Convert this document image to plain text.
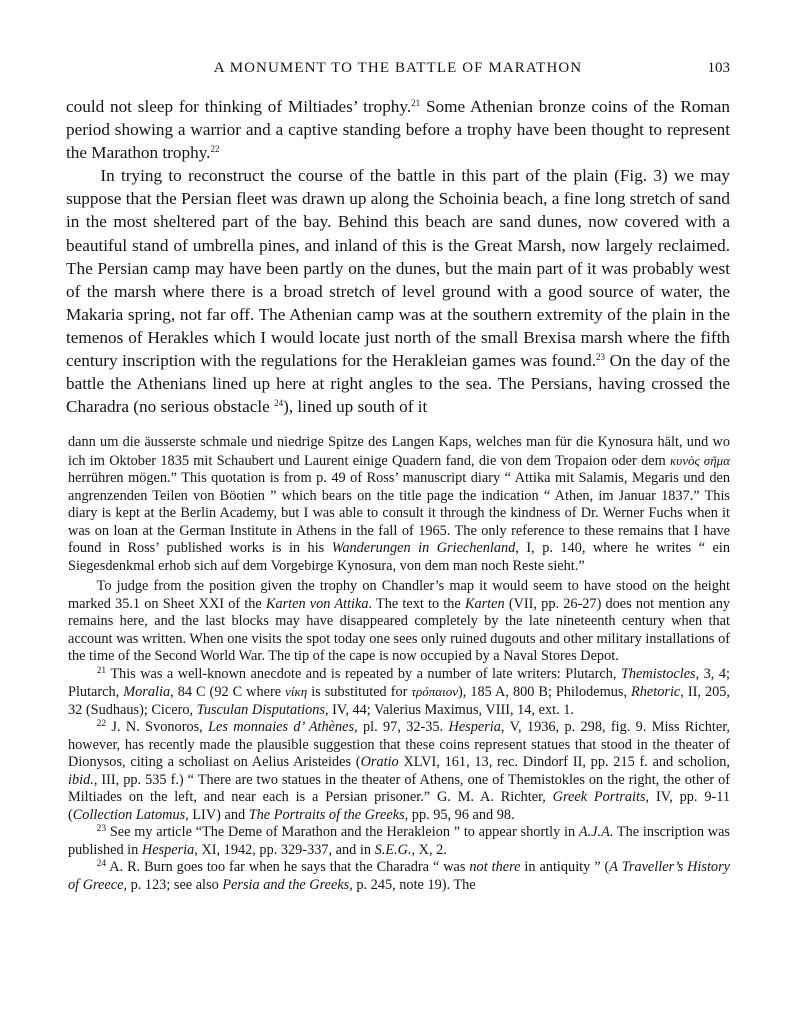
A MONUMENT TO THE BATTLE OF MARATHON	103

could not sleep for thinking of Miltiades’ trophy.$^{21}$ Some Athenian bronze coins of the Roman period showing a warrior and a captive standing before a trophy have been thought to represent the Marathon trophy.$^{22}$

In trying to reconstruct the course of the battle in this part of the plain (Fig. 3) we may suppose that the Persian fleet was drawn up along the Schoinia beach, a fine long stretch of sand in the most sheltered part of the bay. Behind this beach are sand dunes, now covered with a beautiful stand of umbrella pines, and inland of this is the Great Marsh, now largely reclaimed. The Persian camp may have been partly on the dunes, but the main part of it was probably west of the marsh where there is a broad stretch of level ground with a good source of water, the Makaria spring, not far off. The Athenian camp was at the southern extremity of the plain in the temenos of Herakles which I would locate just north of the small Brexisa marsh where the fifth century inscription with the regulations for the Herakleian games was found.$^{23}$ On the day of the battle the Athenians lined up here at right angles to the sea. The Persians, having crossed the Charadra (no serious obstacle $^{24}$), lined up south of it

dann um die äusserste schmale und niedrige Spitze des Langen Kaps, welches man für die Kynosura hält, und wo ich im Oktober 1835 mit Schaubert und Laurent einige Quadern fand, die von dem Tropaion oder dem κυνὸς σῆμα herrühren mögen.” This quotation is from p. 49 of Ross’ manuscript diary “ Attika mit Salamis, Megaris und den angrenzenden Teilen von Böotien ” which bears on the title page the indication “ Athen, im Januar 1837.” This diary is kept at the Berlin Academy, but I was able to consult it through the kindness of Dr. Werner Fuchs when it was on loan at the German Institute in Athens in the fall of 1965. The only reference to these remains that I have found in Ross’ published works is in his Wanderungen in Griechenland, I, p. 140, where he writes “ ein Siegesdenkmal erhob sich auf dem Vorgebirge Kynosura, von dem man noch Reste sieht.”

To judge from the position given the trophy on Chandler’s map it would seem to have stood on the height marked 35.1 on Sheet XXI of the Karten von Attika. The text to the Karten (VII, pp. 26-27) does not mention any remains here, and the last blocks may have disappeared completely by the late nineteenth century when that account was written. When one visits the spot today one sees only ruined dugouts and other military installations of the time of the Second World War. The tip of the cape is now occupied by a Naval Stores Depot.

$^{21}$ This was a well-known anecdote and is repeated by a number of late writers: Plutarch, Themistocles, 3, 4; Plutarch, Moralia, 84 C (92 C where νίκη is substituted for τρόπαιον), 185 A, 800 B; Philodemus, Rhetoric, II, 205, 32 (Sudhaus); Cicero, Tusculan Disputations, IV, 44; Valerius Maximus, VIII, 14, ext. 1.

$^{22}$ J. N. Svonoros, Les monnaies d’ Athènes, pl. 97, 32-35. Hesperia, V, 1936, p. 298, fig. 9. Miss Richter, however, has recently made the plausible suggestion that these coins represent statues that stood in the theater of Dionysos, citing a scholiast on Aelius Aristeides (Oratio XLVI, 161, 13, rec. Dindorf II, pp. 215 f. and scholion, ibid., III, pp. 535 f.) “ There are two statues in the theater of Athens, one of Themistokles on the right, the other of Miltiades on the left, and near each is a Persian prisoner.” G. M. A. Richter, Greek Portraits, IV, pp. 9-11 (Collection Latomus, LIV) and The Portraits of the Greeks, pp. 95, 96 and 98.

$^{23}$ See my article “The Deme of Marathon and the Herakleion ” to appear shortly in A.J.A. The inscription was published in Hesperia, XI, 1942, pp. 329-337, and in S.E.G., X, 2.

$^{24}$ A. R. Burn goes too far when he says that the Charadra “ was not there in antiquity ” (A Traveller’s History of Greece, p. 123; see also Persia and the Greeks, p. 245, note 19). The
